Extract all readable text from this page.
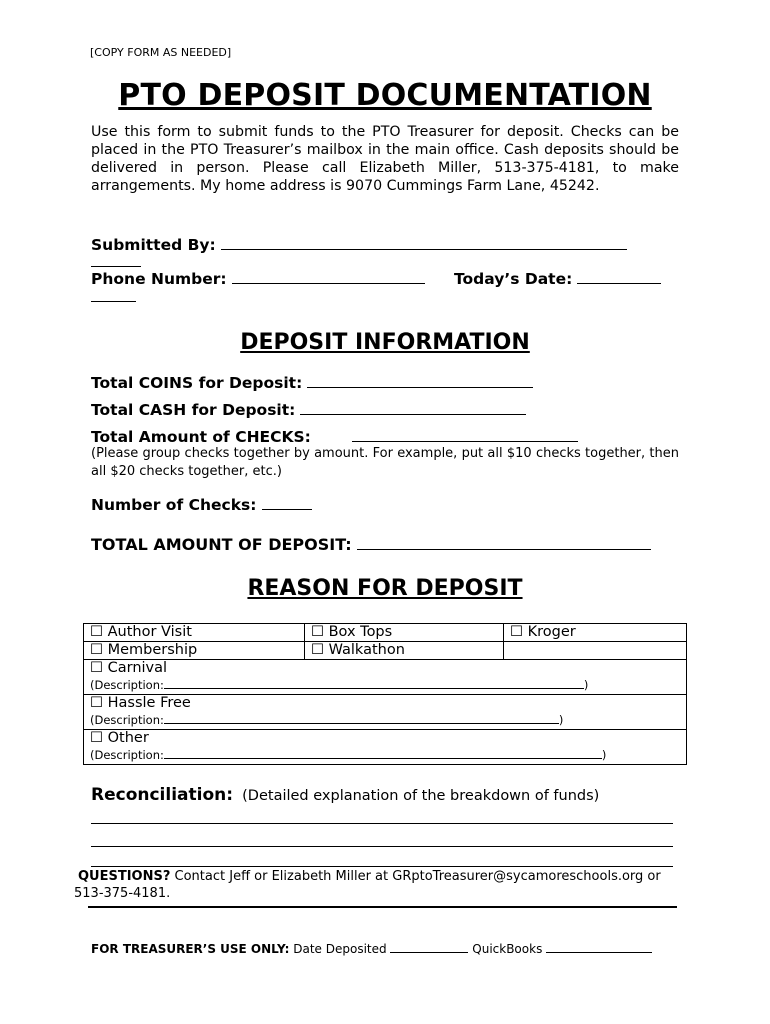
[COPY FORM AS NEEDED]
PTO DEPOSIT DOCUMENTATION
Use this form to submit funds to the PTO Treasurer for deposit. Checks can be placed in the PTO Treasurer’s mailbox in the main office. Cash deposits should be delivered in person. Please call Elizabeth Miller, 513-375-4181, to make arrangements. My home address is 9070 Cummings Farm Lane, 45242.
Submitted By:
Phone Number:	Today’s Date:
DEPOSIT INFORMATION
Total COINS for Deposit:
Total CASH for Deposit:
Total Amount of CHECKS:
(Please group checks together by amount. For example, put all $10 checks together, then all $20 checks together, etc.)
Number of Checks:
TOTAL AMOUNT OF DEPOSIT:
REASON FOR DEPOSIT
☐ Author Visit	☐ Box Tops	☐ Kroger
☐ Membership	☐ Walkathon	
☐ Carnival
(Description: )		
☐ Hassle Free
(Description: )		
☐ Other
(Description: )		
Reconciliation: (Detailed explanation of the breakdown of funds)
QUESTIONS? Contact Jeff or Elizabeth Miller at GRptoTreasurer@sycamoreschools.org or 513-375-4181.
FOR TREASURER’S USE ONLY: Date Deposited	QuickBooks
